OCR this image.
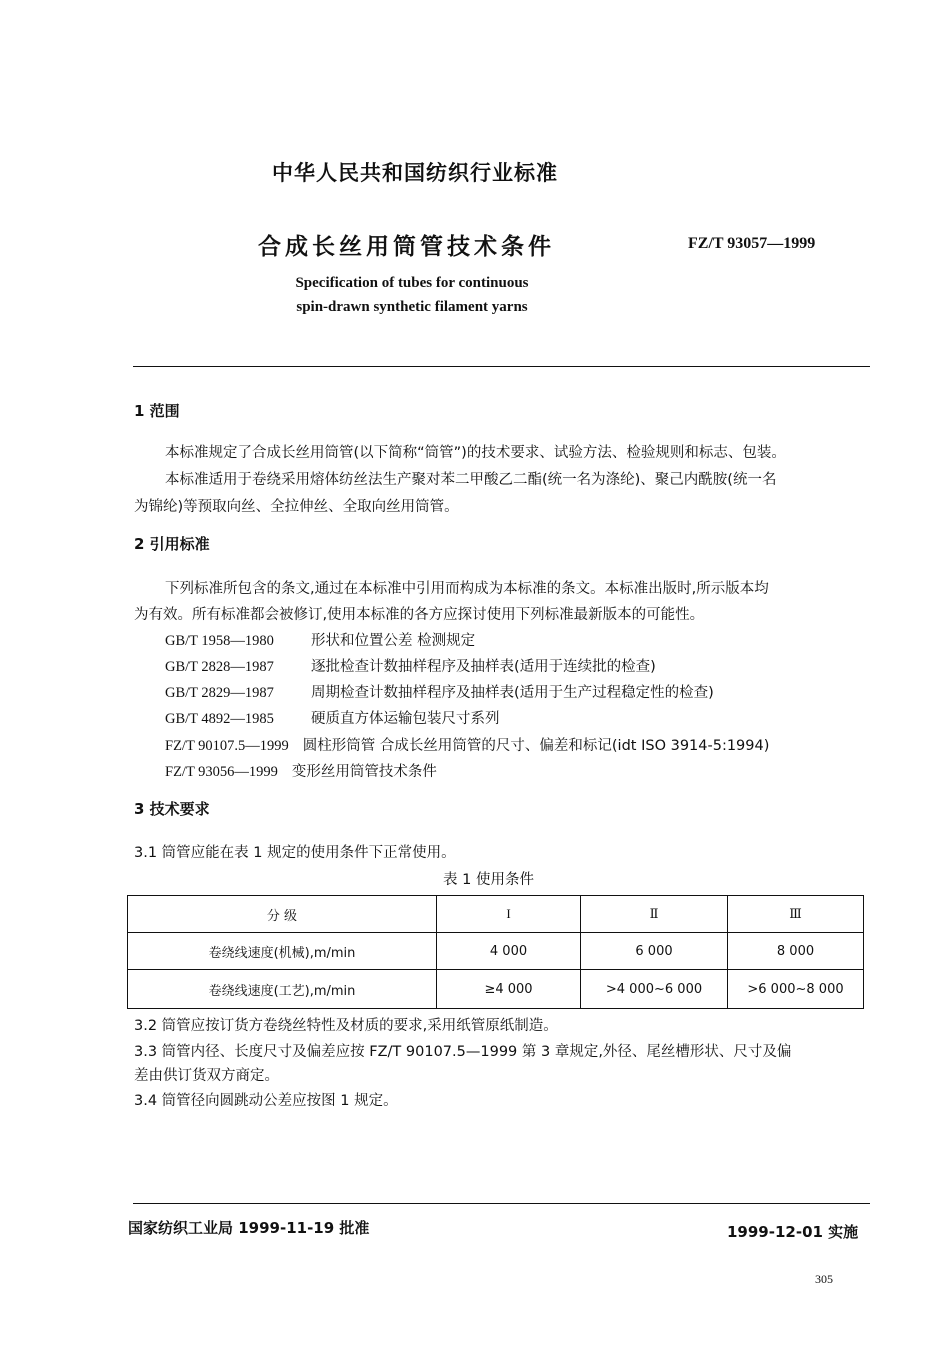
中华人民共和国纺织行业标准
合成长丝用筒管技术条件	FZ/T 93057—1999
Specification of tubes for continuous
spin-drawn synthetic filament yarns
1 范围
本标准规定了合成长丝用筒管(以下简称“筒管”)的技术要求、试验方法、检验规则和标志、包装。
本标准适用于卷绕采用熔体纺丝法生产聚对苯二甲酸乙二酯(统一名为涤纶)、聚己内酰胺(统一名
为锦纶)等预取向丝、全拉伸丝、全取向丝用筒管。
2 引用标准
下列标准所包含的条文,通过在本标准中引用而构成为本标准的条文。本标准出版时,所示版本均
为有效。所有标准都会被修订,使用本标准的各方应探讨使用下列标准最新版本的可能性。
GB/T 1958—1980	形状和位置公差 检测规定
GB/T 2828—1987	逐批检查计数抽样程序及抽样表(适用于连续批的检查)
GB/T 2829—1987	周期检查计数抽样程序及抽样表(适用于生产过程稳定性的检查)
GB/T 4892—1985	硬质直方体运输包装尺寸系列
FZ/T 90107.5—1999 圆柱形筒管 合成长丝用筒管的尺寸、偏差和标记(idt ISO 3914-5:1994)
FZ/T 93056—1999 变形丝用筒管技术条件
3 技术要求
3.1 筒管应能在表 1 规定的使用条件下正常使用。
表 1 使用条件
分 级	I	Ⅱ	Ⅲ
卷绕线速度(机械),m/min	4 000	6 000	8 000
卷绕线速度(工艺),m/min	≥4 000	>4 000~6 000	>6 000~8 000
3.2 筒管应按订货方卷绕丝特性及材质的要求,采用纸管原纸制造。
3.3 筒管内径、长度尺寸及偏差应按 FZ/T 90107.5—1999 第 3 章规定,外径、尾丝槽形状、尺寸及偏
差由供订货双方商定。
3.4 筒管径向圆跳动公差应按图 1 规定。
国家纺织工业局 1999-11-19 批准	1999-12-01 实施
305
